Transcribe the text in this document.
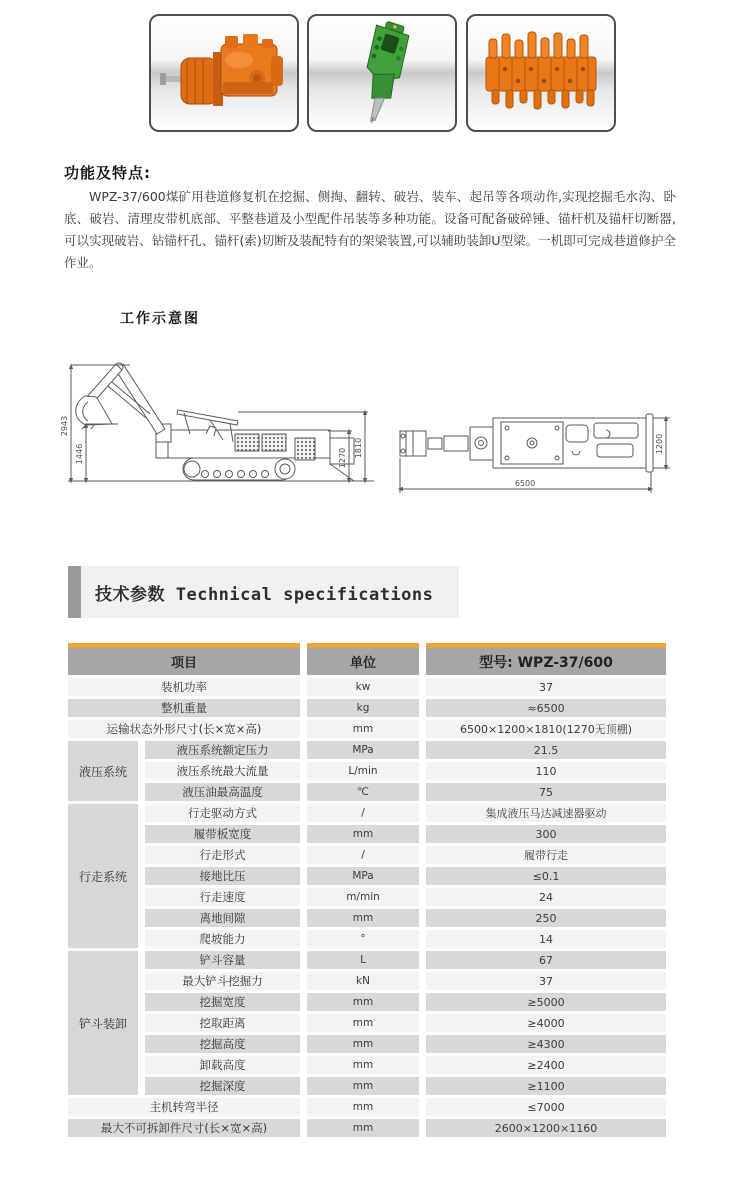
功能及特点:

WPZ-37/600煤矿用巷道修复机在挖掘、侧掏、翻转、破岩、装车、起吊等各项动作,实现挖掘毛水沟、卧底、破岩、清理皮带机底部、平整巷道及小型配件吊装等多种功能。设备可配备破碎锤、锚杆机及锚杆切断器,可以实现破岩、钻锚杆孔、锚杆(索)切断及装配特有的架梁装置,可以辅助装卸U型梁。一机即可完成巷道修护全作业。

工作示意图
2943
1446	1270 1810
6500
1200
技术参数 Technical specifications
项目		单位	型号: WPZ-37/600
装机功率		kw	37
整机重量		kg	≈6500
运输状态外形尺寸(长×宽×高)		mm	6500×1200×1810(1270无顶棚)
液压系统	液压系统额定压力	MPa	21.5
	液压系统最大流量	L/min	110
	液压油最高温度	℃	75
行走系统	行走驱动方式	/	集成液压马达减速器驱动
	履带板宽度	mm	300
	行走形式	/	履带行走
	接地比压	MPa	≤0.1
	行走速度	m/min	24
	离地间隙	mm	250
	爬坡能力	°	14
铲斗装卸	铲斗容量	L	67
	最大铲斗挖掘力	kN	37
	挖掘宽度	mm	≥5000
	挖取距离	mm	≥4000
	挖掘高度	mm	≥4300
	卸载高度	mm	≥2400
	挖掘深度	mm	≥1100
主机转弯半径		mm	≤7000
最大不可拆卸件尺寸(长×宽×高)		mm	2600×1200×1160
